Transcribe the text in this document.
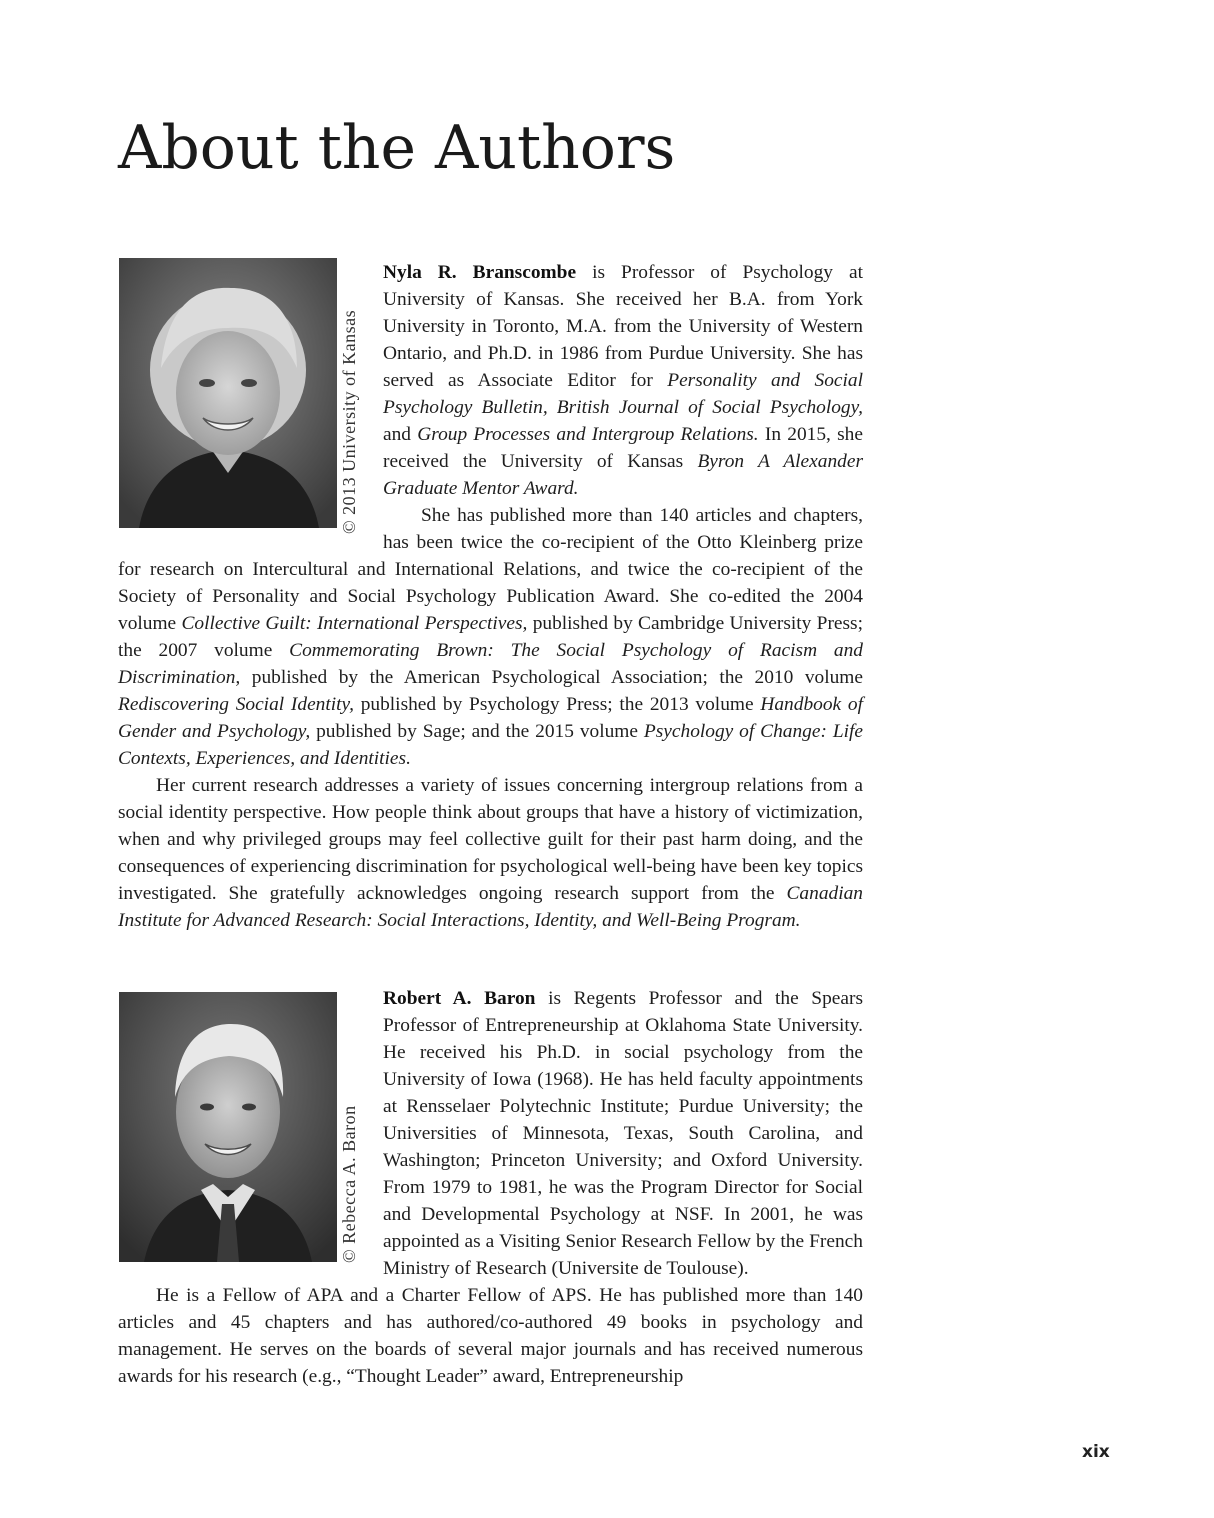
About the Authors
© 2013 University of Kansas

Nyla R. Branscombe is Professor of Psychology at University of Kansas. She received her B.A. from York University in Toronto, M.A. from the University of Western Ontario, and Ph.D. in 1986 from Purdue University. She has served as Associate Editor for Personality and Social Psychology Bulletin, British Journal of Social Psychology, and Group Processes and Intergroup Relations. In 2015, she received the University of Kansas Byron A Alexander Graduate Mentor Award.

She has published more than 140 articles and chapters, has been twice the co-recipient of the Otto Kleinberg prize for research on Intercultural and International Relations, and twice the co-recipient of the Society of Personality and Social Psychology Publication Award. She co-edited the 2004 volume Collective Guilt: International Perspectives, published by Cambridge University Press; the 2007 volume Commemorating Brown: The Social Psychology of Racism and Discrimination, published by the American Psychological Association; the 2010 volume Rediscovering Social Identity, published by Psychology Press; the 2013 volume Handbook of Gender and Psychology, published by Sage; and the 2015 volume Psychology of Change: Life Contexts, Experiences, and Identities.

Her current research addresses a variety of issues concerning intergroup relations from a social identity perspective. How people think about groups that have a history of victimization, when and why privileged groups may feel collective guilt for their past harm doing, and the consequences of experiencing discrimination for psychological well-being have been key topics investigated. She gratefully acknowledges ongoing research support from the Canadian Institute for Advanced Research: Social Interactions, Identity, and Well-Being Program.

© Rebecca A. Baron

Robert A. Baron is Regents Professor and the Spears Professor of Entrepreneurship at Oklahoma State University. He received his Ph.D. in social psychology from the University of Iowa (1968). He has held faculty appointments at Rensselaer Polytechnic Institute; Purdue University; the Universities of Minnesota, Texas, South Carolina, and Washington; Princeton University; and Oxford University. From 1979 to 1981, he was the Program Director for Social and Developmental Psychology at NSF. In 2001, he was appointed as a Visiting Senior Research Fellow by the French Ministry of Research (Universite de Toulouse).

He is a Fellow of APA and a Charter Fellow of APS. He has published more than 140 articles and 45 chapters and has authored/co-authored 49 books in psychology and management. He serves on the boards of several major journals and has received numerous awards for his research (e.g., “Thought Leader” award, Entrepreneurship

xix
